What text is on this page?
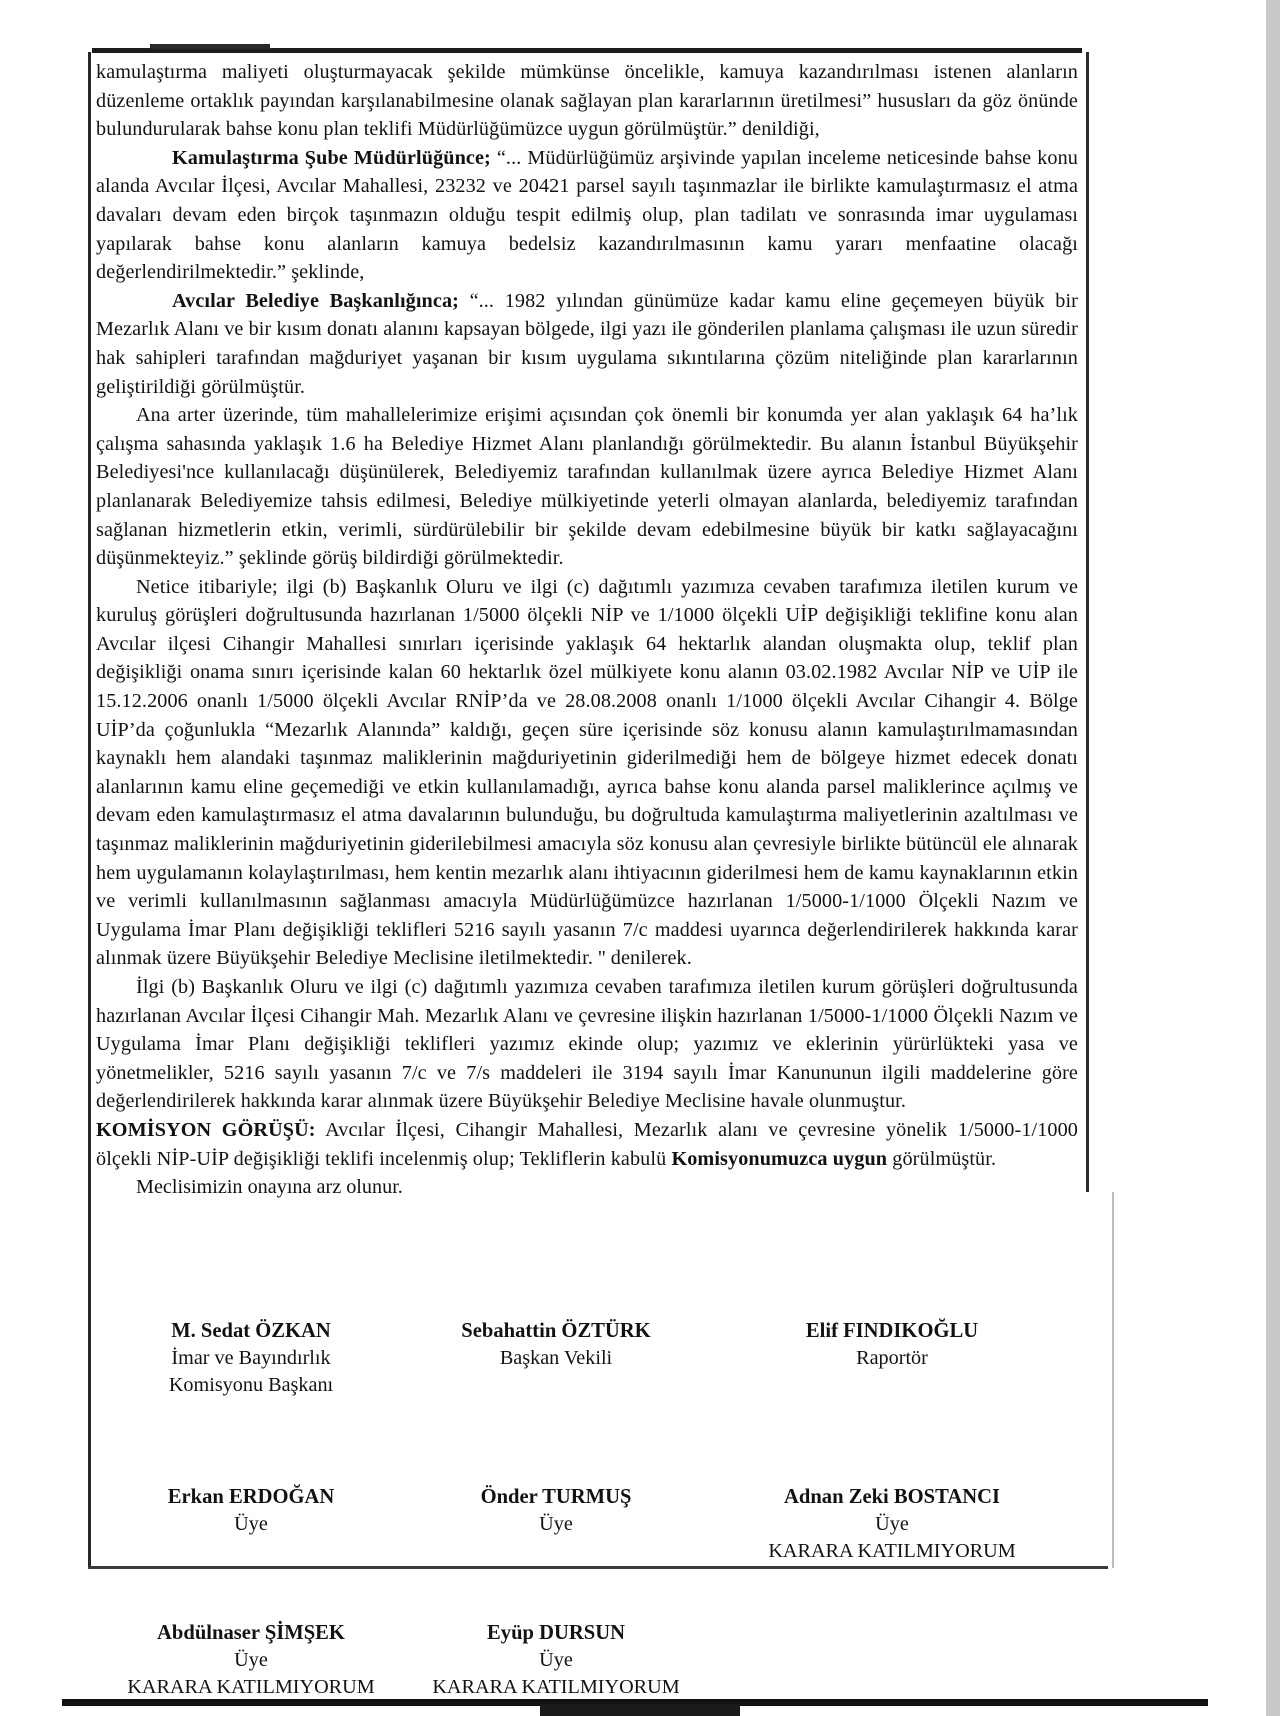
kamulaştırma maliyeti oluşturmayacak şekilde mümkünse öncelikle, kamuya kazandırılması istenen alanların düzenleme ortaklık payından karşılanabilmesine olanak sağlayan plan kararlarının üretilmesi” hususları da göz önünde bulundurularak bahse konu plan teklifi Müdürlüğümüzce uygun görülmüştür.” denildiği,

Kamulaştırma Şube Müdürlüğünce; “... Müdürlüğümüz arşivinde yapılan inceleme neticesinde bahse konu alanda Avcılar İlçesi, Avcılar Mahallesi, 23232 ve 20421 parsel sayılı taşınmazlar ile birlikte kamulaştırmasız el atma davaları devam eden birçok taşınmazın olduğu tespit edilmiş olup, plan tadilatı ve sonrasında imar uygulaması yapılarak bahse konu alanların kamuya bedelsiz kazandırılmasının kamu yararı menfaatine olacağı değerlendirilmektedir.” şeklinde,

Avcılar Belediye Başkanlığınca; “... 1982 yılından günümüze kadar kamu eline geçemeyen büyük bir Mezarlık Alanı ve bir kısım donatı alanını kapsayan bölgede, ilgi yazı ile gönderilen planlama çalışması ile uzun süredir hak sahipleri tarafından mağduriyet yaşanan bir kısım uygulama sıkıntılarına çözüm niteliğinde plan kararlarının geliştirildiği görülmüştür.

Ana arter üzerinde, tüm mahallelerimize erişimi açısından çok önemli bir konumda yer alan yaklaşık 64 ha’lık çalışma sahasında yaklaşık 1.6 ha Belediye Hizmet Alanı planlandığı görülmektedir. Bu alanın İstanbul Büyükşehir Belediyesi'nce kullanılacağı düşünülerek, Belediyemiz tarafından kullanılmak üzere ayrıca Belediye Hizmet Alanı planlanarak Belediyemize tahsis edilmesi, Belediye mülkiyetinde yeterli olmayan alanlarda, belediyemiz tarafından sağlanan hizmetlerin etkin, verimli, sürdürülebilir bir şekilde devam edebilmesine büyük bir katkı sağlayacağını düşünmekteyiz.” şeklinde görüş bildirdiği görülmektedir.

Netice itibariyle; ilgi (b) Başkanlık Oluru ve ilgi (c) dağıtımlı yazımıza cevaben tarafımıza iletilen kurum ve kuruluş görüşleri doğrultusunda hazırlanan 1/5000 ölçekli NİP ve 1/1000 ölçekli UİP değişikliği teklifine konu alan Avcılar ilçesi Cihangir Mahallesi sınırları içerisinde yaklaşık 64 hektarlık alandan oluşmakta olup, teklif plan değişikliği onama sınırı içerisinde kalan 60 hektarlık özel mülkiyete konu alanın 03.02.1982 Avcılar NİP ve UİP ile 15.12.2006 onanlı 1/5000 ölçekli Avcılar RNİP’da ve 28.08.2008 onanlı 1/1000 ölçekli Avcılar Cihangir 4. Bölge UİP’da çoğunlukla “Mezarlık Alanında” kaldığı, geçen süre içerisinde söz konusu alanın kamulaştırılmamasından kaynaklı hem alandaki taşınmaz maliklerinin mağduriyetinin giderilmediği hem de bölgeye hizmet edecek donatı alanlarının kamu eline geçemediği ve etkin kullanılamadığı, ayrıca bahse konu alanda parsel maliklerince açılmış ve devam eden kamulaştırmasız el atma davalarının bulunduğu, bu doğrultuda kamulaştırma maliyetlerinin azaltılması ve taşınmaz maliklerinin mağduriyetinin giderilebilmesi amacıyla söz konusu alan çevresiyle birlikte bütüncül ele alınarak hem uygulamanın kolaylaştırılması, hem kentin mezarlık alanı ihtiyacının giderilmesi hem de kamu kaynaklarının etkin ve verimli kullanılmasının sağlanması amacıyla Müdürlüğümüzce hazırlanan 1/5000-1/1000 Ölçekli Nazım ve Uygulama İmar Planı değişikliği teklifleri 5216 sayılı yasanın 7/c maddesi uyarınca değerlendirilerek hakkında karar alınmak üzere Büyükşehir Belediye Meclisine iletilmektedir. '' denilerek.

İlgi (b) Başkanlık Oluru ve ilgi (c) dağıtımlı yazımıza cevaben tarafımıza iletilen kurum görüşleri doğrultusunda hazırlanan Avcılar İlçesi Cihangir Mah. Mezarlık Alanı ve çevresine ilişkin hazırlanan 1/5000-1/1000 Ölçekli Nazım ve Uygulama İmar Planı değişikliği teklifleri yazımız ekinde olup; yazımız ve eklerinin yürürlükteki yasa ve yönetmelikler, 5216 sayılı yasanın 7/c ve 7/s maddeleri ile 3194 sayılı İmar Kanununun ilgili maddelerine göre değerlendirilerek hakkında karar alınmak üzere Büyükşehir Belediye Meclisine havale olunmuştur.

KOMİSYON GÖRÜŞÜ: Avcılar İlçesi, Cihangir Mahallesi, Mezarlık alanı ve çevresine yönelik 1/5000-1/1000 ölçekli NİP-UİP değişikliği teklifi incelenmiş olup; Tekliflerin kabulü Komisyonumuzca uygun görülmüştür.

Meclisimizin onayına arz olunur.
M. Sedat ÖZKAN
İmar ve Bayındırlık
Komisyonu Başkanı
Sebahattin ÖZTÜRK
Başkan Vekili
Elif FINDIKOĞLU
Raportör
Erkan ERDOĞAN
Üye
Önder TURMUŞ
Üye
Adnan Zeki BOSTANCI
Üye
KARARA KATILMIYORUM
Abdülnaser ŞİMŞEK
Üye
KARARA KATILMIYORUM
Eyüp DURSUN
Üye
KARARA KATILMIYORUM
